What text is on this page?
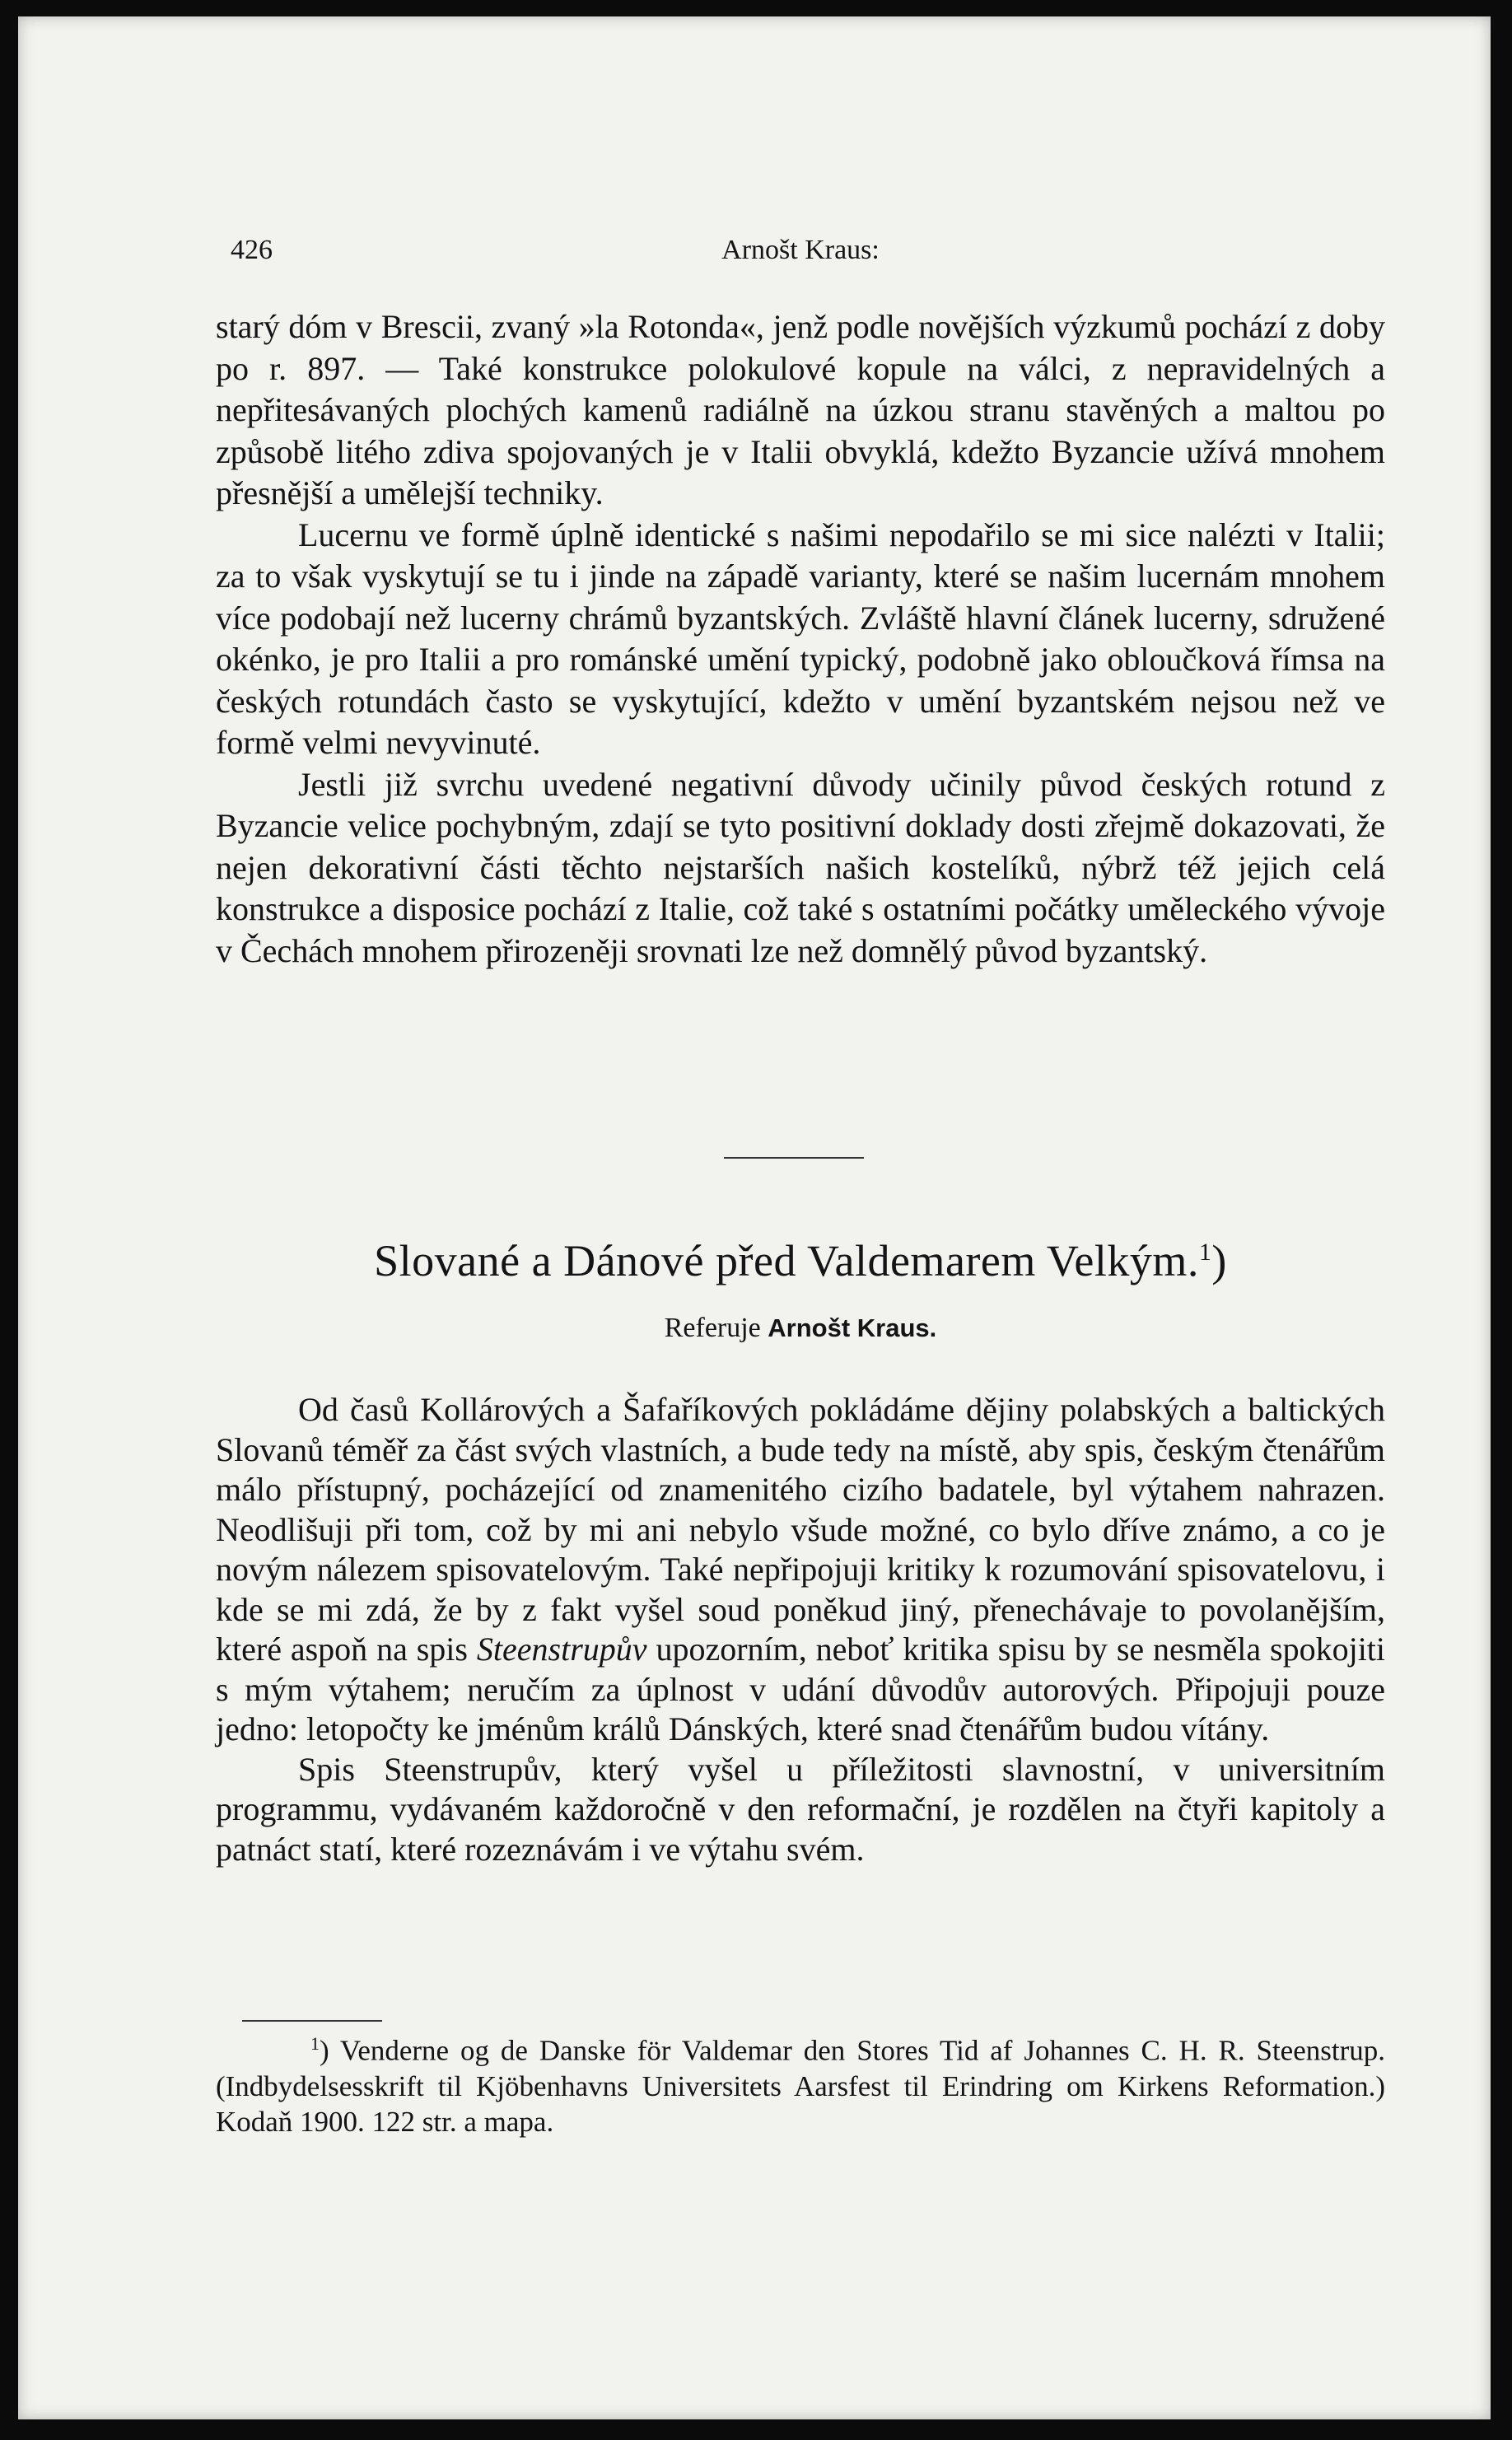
426	Arnošt Kraus:

starý dóm v Brescii, zvaný »la Rotonda«, jenž podle novějších výzkumů pochází z doby po r. 897. — Také konstrukce polokulové kopule na válci, z nepravidelných a nepřitesávaných plochých kamenů radiálně na úzkou stranu stavěných a maltou po způsobě litého zdiva spojovaných je v Italii obvyklá, kdežto Byzancie užívá mnohem přesnější a umělejší techniky.

Lucernu ve formě úplně identické s našimi nepodařilo se mi sice nalézti v Italii; za to však vyskytují se tu i jinde na západě varianty, které se našim lucernám mnohem více podobají než lucerny chrámů byzantských. Zvláště hlavní článek lucerny, sdružené okénko, je pro Italii a pro románské umění typický, podobně jako obloučková římsa na českých rotundách často se vyskytující, kdežto v umění byzantském nejsou než ve formě velmi nevyvinuté.

Jestli již svrchu uvedené negativní důvody učinily původ českých rotund z Byzancie velice pochybným, zdají se tyto positivní doklady dosti zřejmě dokazovati, že nejen dekorativní části těchto nejstarších našich kostelíků, nýbrž též jejich celá konstrukce a disposice pochází z Italie, což také s ostatními počátky uměleckého vývoje v Čechách mnohem přirozeněji srovnati lze než domnělý původ byzantský.

Slované a Dánové před Valdemarem Velkým.$^1$)
Referuje Arnošt Kraus.

Od časů Kollárových a Šafaříkových pokládáme dějiny polabských a baltických Slovanů téměř za část svých vlastních, a bude tedy na místě, aby spis, českým čtenářům málo přístupný, pocházející od znamenitého cizího badatele, byl výtahem nahrazen. Neodlišuji při tom, což by mi ani nebylo všude možné, co bylo dříve známo, a co je novým nálezem spisovatelovým. Také nepřipojuji kritiky k rozumování spisovatelovu, i kde se mi zdá, že by z fakt vyšel soud poněkud jiný, přenechávaje to povolanějším, které aspoň na spis Steenstrupův upozorním, neboť kritika spisu by se nesměla spokojiti s mým výtahem; neručím za úplnost v udání důvodův autorových. Připojuji pouze jedno: letopočty ke jménům králů Dánských, které snad čtenářům budou vítány.

Spis Steenstrupův, který vyšel u příležitosti slavnostní, v universitním programmu, vydávaném každoročně v den reformační, je rozdělen na čtyři kapitoly a patnáct statí, které rozeznávám i ve výtahu svém.

$^1$) Venderne og de Danske för Valdemar den Stores Tid af Johannes C. H. R. Steenstrup. (Indbydelsesskrift til Kjöbenhavns Universitets Aarsfest til Erindring om Kirkens Reformation.) Kodaň 1900. 122 str. a mapa.
